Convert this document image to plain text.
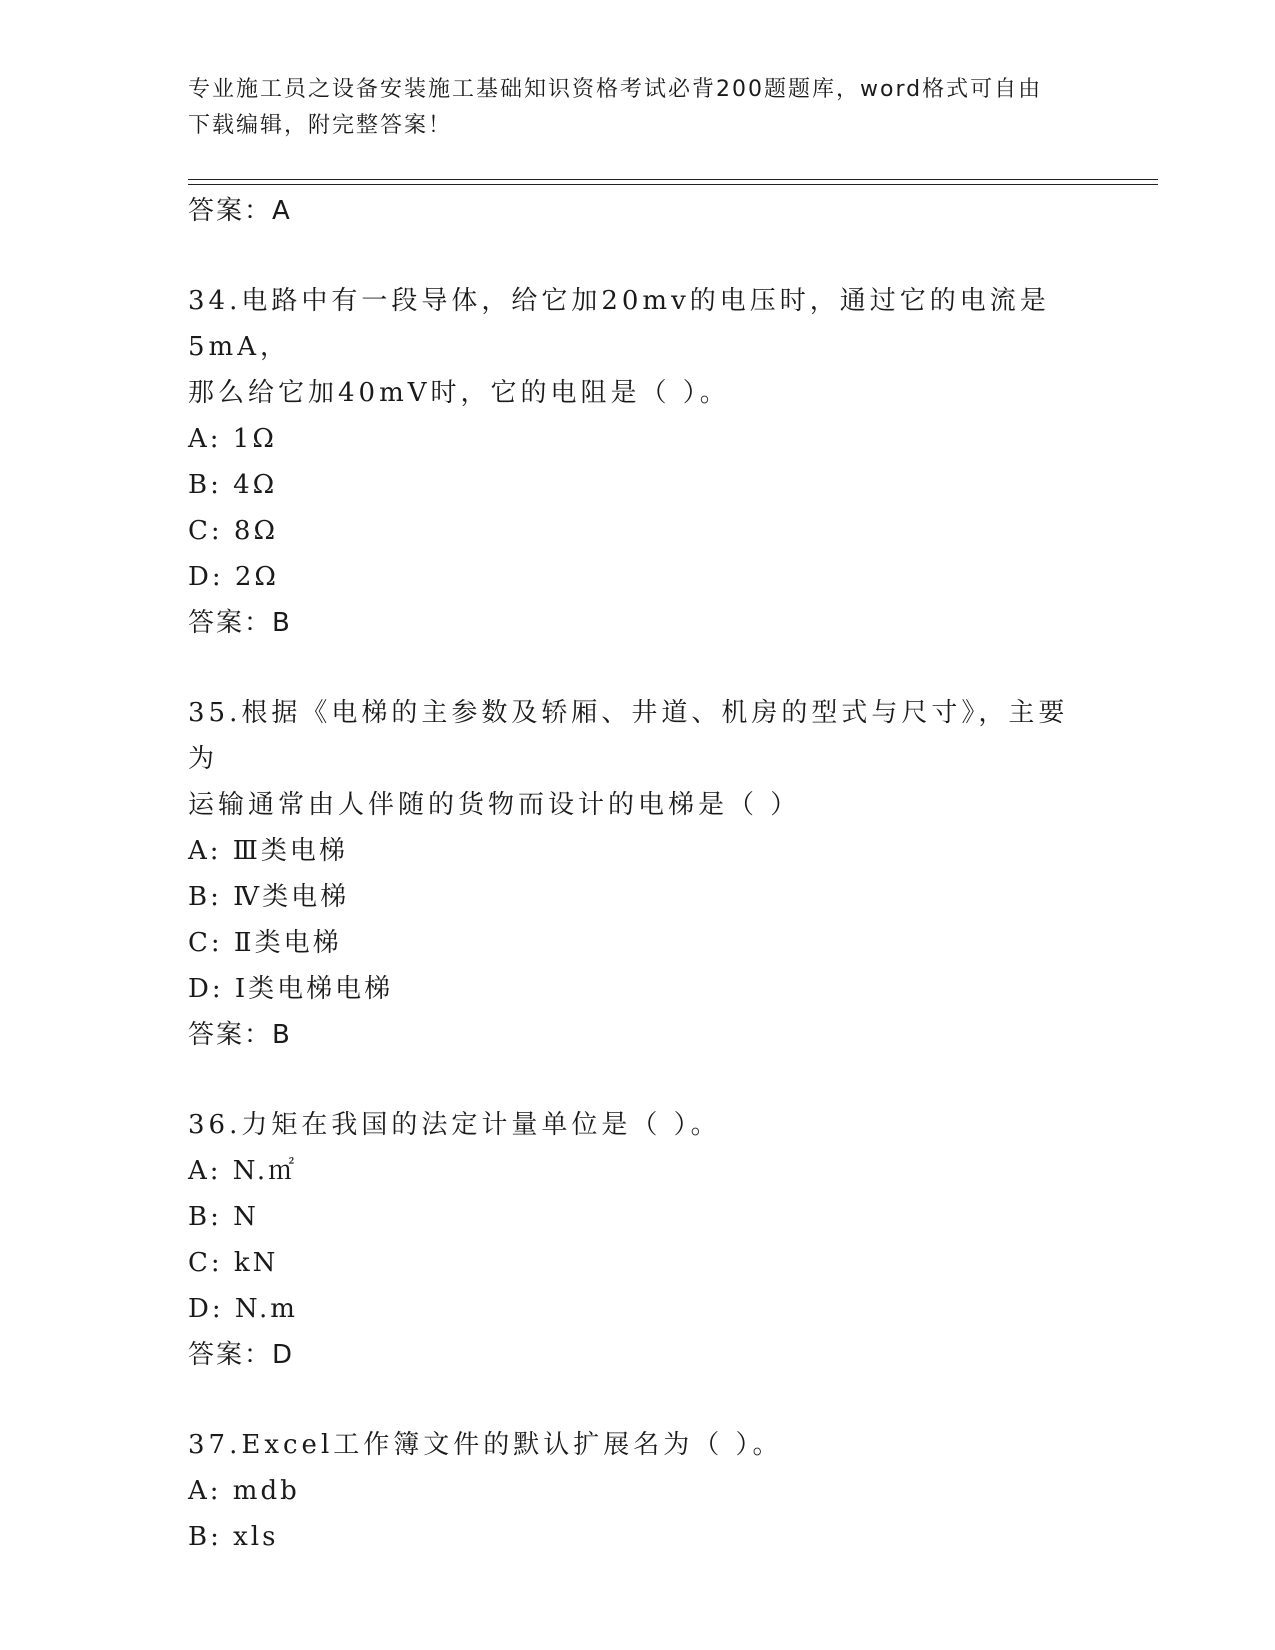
专业施工员之设备安装施工基础知识资格考试必背200题题库，word格式可自由
下载编辑，附完整答案！
答案：A
34.电路中有一段导体，给它加20mv的电压时，通过它的电流是5mA，
那么给它加40mV时，它的电阻是（ ）。
A: 1Ω
B: 4Ω
C: 8Ω
D: 2Ω
答案：B
35.根据《电梯的主参数及轿厢、井道、机房的型式与尺寸》，主要为
运输通常由人伴随的货物而设计的电梯是（ ）
A: Ⅲ类电梯
B: Ⅳ类电梯
C: Ⅱ类电梯
D: Ⅰ类电梯电梯
答案：B
36.力矩在我国的法定计量单位是（ ）。
A: N.㎡
B: N
C: kN
D: N.m
答案：D
37.Excel工作簿文件的默认扩展名为（ ）。
A: mdb
B: xls
